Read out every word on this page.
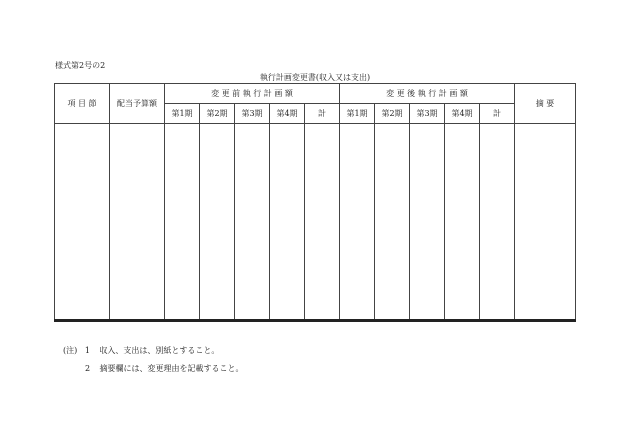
様式第2号の2
執行計画変更書(収入又は支出)
項 目 節	配当予算額	変 更 前 執 行 計 画 額					変 更 後 執 行 計 画 額					摘 要
		第1期	第2期	第3期	第4期	計	第1期	第2期	第3期	第4期	計	

(注) 1 収入、支出は、別紙とすること。
2 摘要欄には、変更理由を記載すること。
